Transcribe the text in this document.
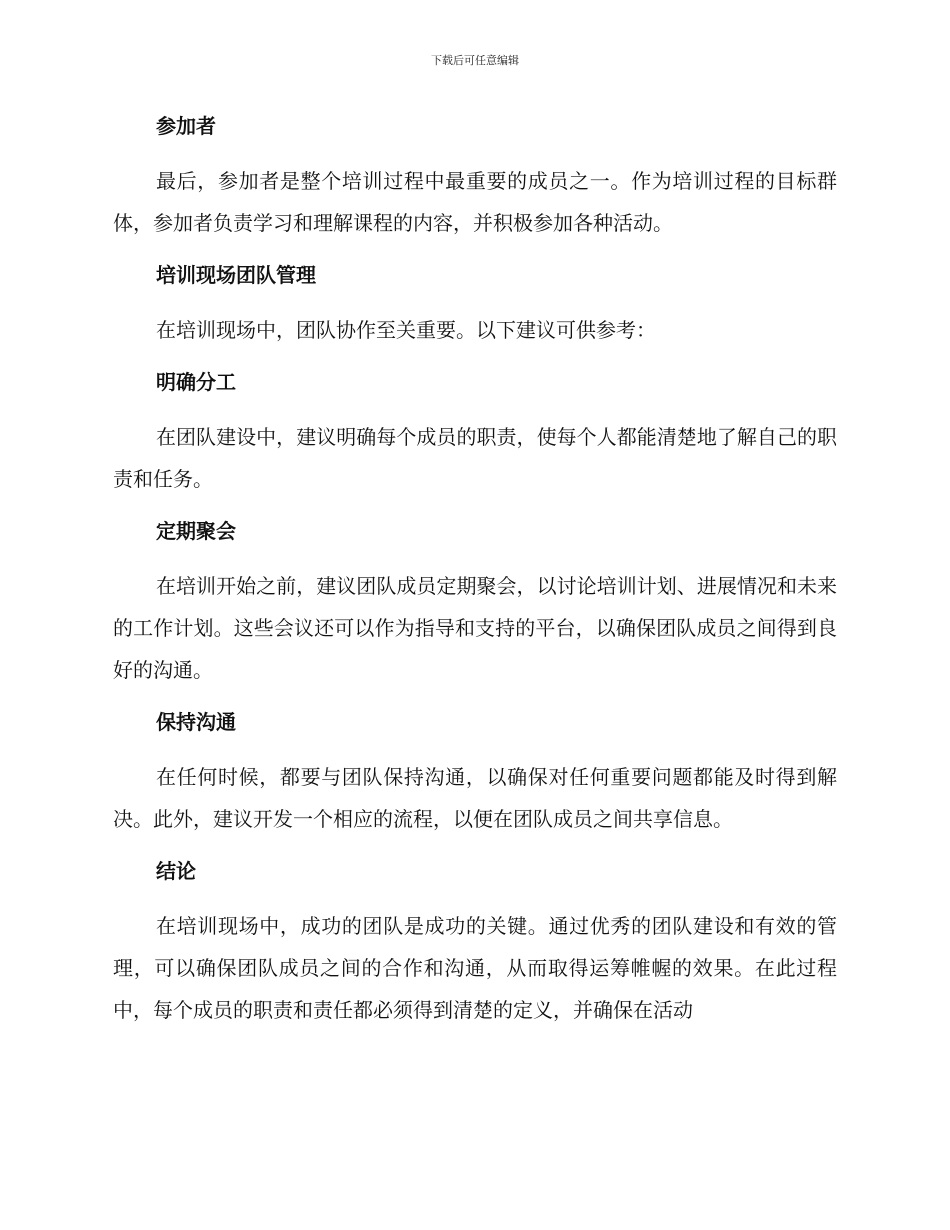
下载后可任意编辑
参加者

最后，参加者是整个培训过程中最重要的成员之一。作为培训过程的目标群体，参加者负责学习和理解课程的内容，并积极参加各种活动。

培训现场团队管理

在培训现场中，团队协作至关重要。以下建议可供参考：

明确分工

在团队建设中，建议明确每个成员的职责，使每个人都能清楚地了解自己的职责和任务。

定期聚会

在培训开始之前，建议团队成员定期聚会，以讨论培训计划、进展情况和未来的工作计划。这些会议还可以作为指导和支持的平台，以确保团队成员之间得到良好的沟通。

保持沟通

在任何时候，都要与团队保持沟通，以确保对任何重要问题都能及时得到解决。此外，建议开发一个相应的流程，以便在团队成员之间共享信息。

结论

在培训现场中，成功的团队是成功的关键。通过优秀的团队建设和有效的管理，可以确保团队成员之间的合作和沟通，从而取得运筹帷幄的效果。在此过程中，每个成员的职责和责任都必须得到清楚的定义，并确保在活动
